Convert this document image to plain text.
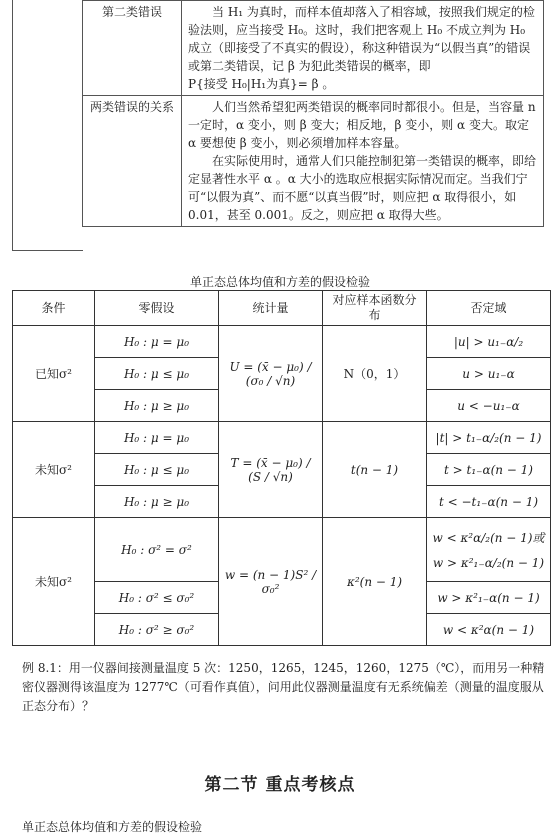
第二类错误	当 H₁ 为真时，而样本值却落入了相容域，按照我们规定的检验法则，应当接受 H₀。这时，我们把客观上 H₀ 不成立判为 H₀ 成立（即接受了不真实的假设），称这种错误为“以假当真”的错误或第二类错误，记 β 为犯此类错误的概率，即
P{接受 H₀|H₁为真}= β 。

两类错误的关系	人们当然希望犯两类错误的概率同时都很小。但是，当容量 n 一定时，α 变小，则 β 变大；相反地，β 变小，则 α 变大。取定 α 要想使 β 变小，则必须增加样本容量。
在实际使用时，通常人们只能控制犯第一类错误的概率，即给定显著性水平 α 。α 大小的选取应根据实际情况而定。当我们宁可“以假为真”、而不愿“以真当假”时，则应把 α 取得很小，如 0.01，甚至 0.001。反之，则应把 α 取得大些。
单正态总体均值和方差的假设检验
条件	零假设	统计量	对应样本函数分布	否定域
已知σ²	H₀ : μ = μ₀	U = (x̄ − μ₀) / (σ₀ / √n)	N（0，1）	|u| > u₁₋α/₂
	H₀ : μ ≤ μ₀			u > u₁₋α
	H₀ : μ ≥ μ₀			u < −u₁₋α
未知σ²	H₀ : μ = μ₀	T = (x̄ − μ₀) / (S / √n)	t(n − 1)	|t| > t₁₋α/₂(n − 1)
	H₀ : μ ≤ μ₀			t > t₁₋α(n − 1)
	H₀ : μ ≥ μ₀			t < −t₁₋α(n − 1)
未知σ²	H₀ : σ² = σ²	w = (n − 1)S² / σ₀²	κ²(n − 1)	w < κ²α/₂(n − 1)或
w > κ²₁₋α/₂(n − 1)

	H₀ : σ² ≤ σ₀²			w > κ²₁₋α(n − 1)
	H₀ : σ² ≥ σ₀²			w < κ²α(n − 1)
例 8.1：用一仪器间接测量温度 5 次：1250，1265，1245，1260，1275（℃），而用另一种精密仪器测得该温度为 1277℃（可看作真值），问用此仪器测量温度有无系统偏差（测量的温度服从正态分布）？
第二节 重点考核点
单正态总体均值和方差的假设检验
